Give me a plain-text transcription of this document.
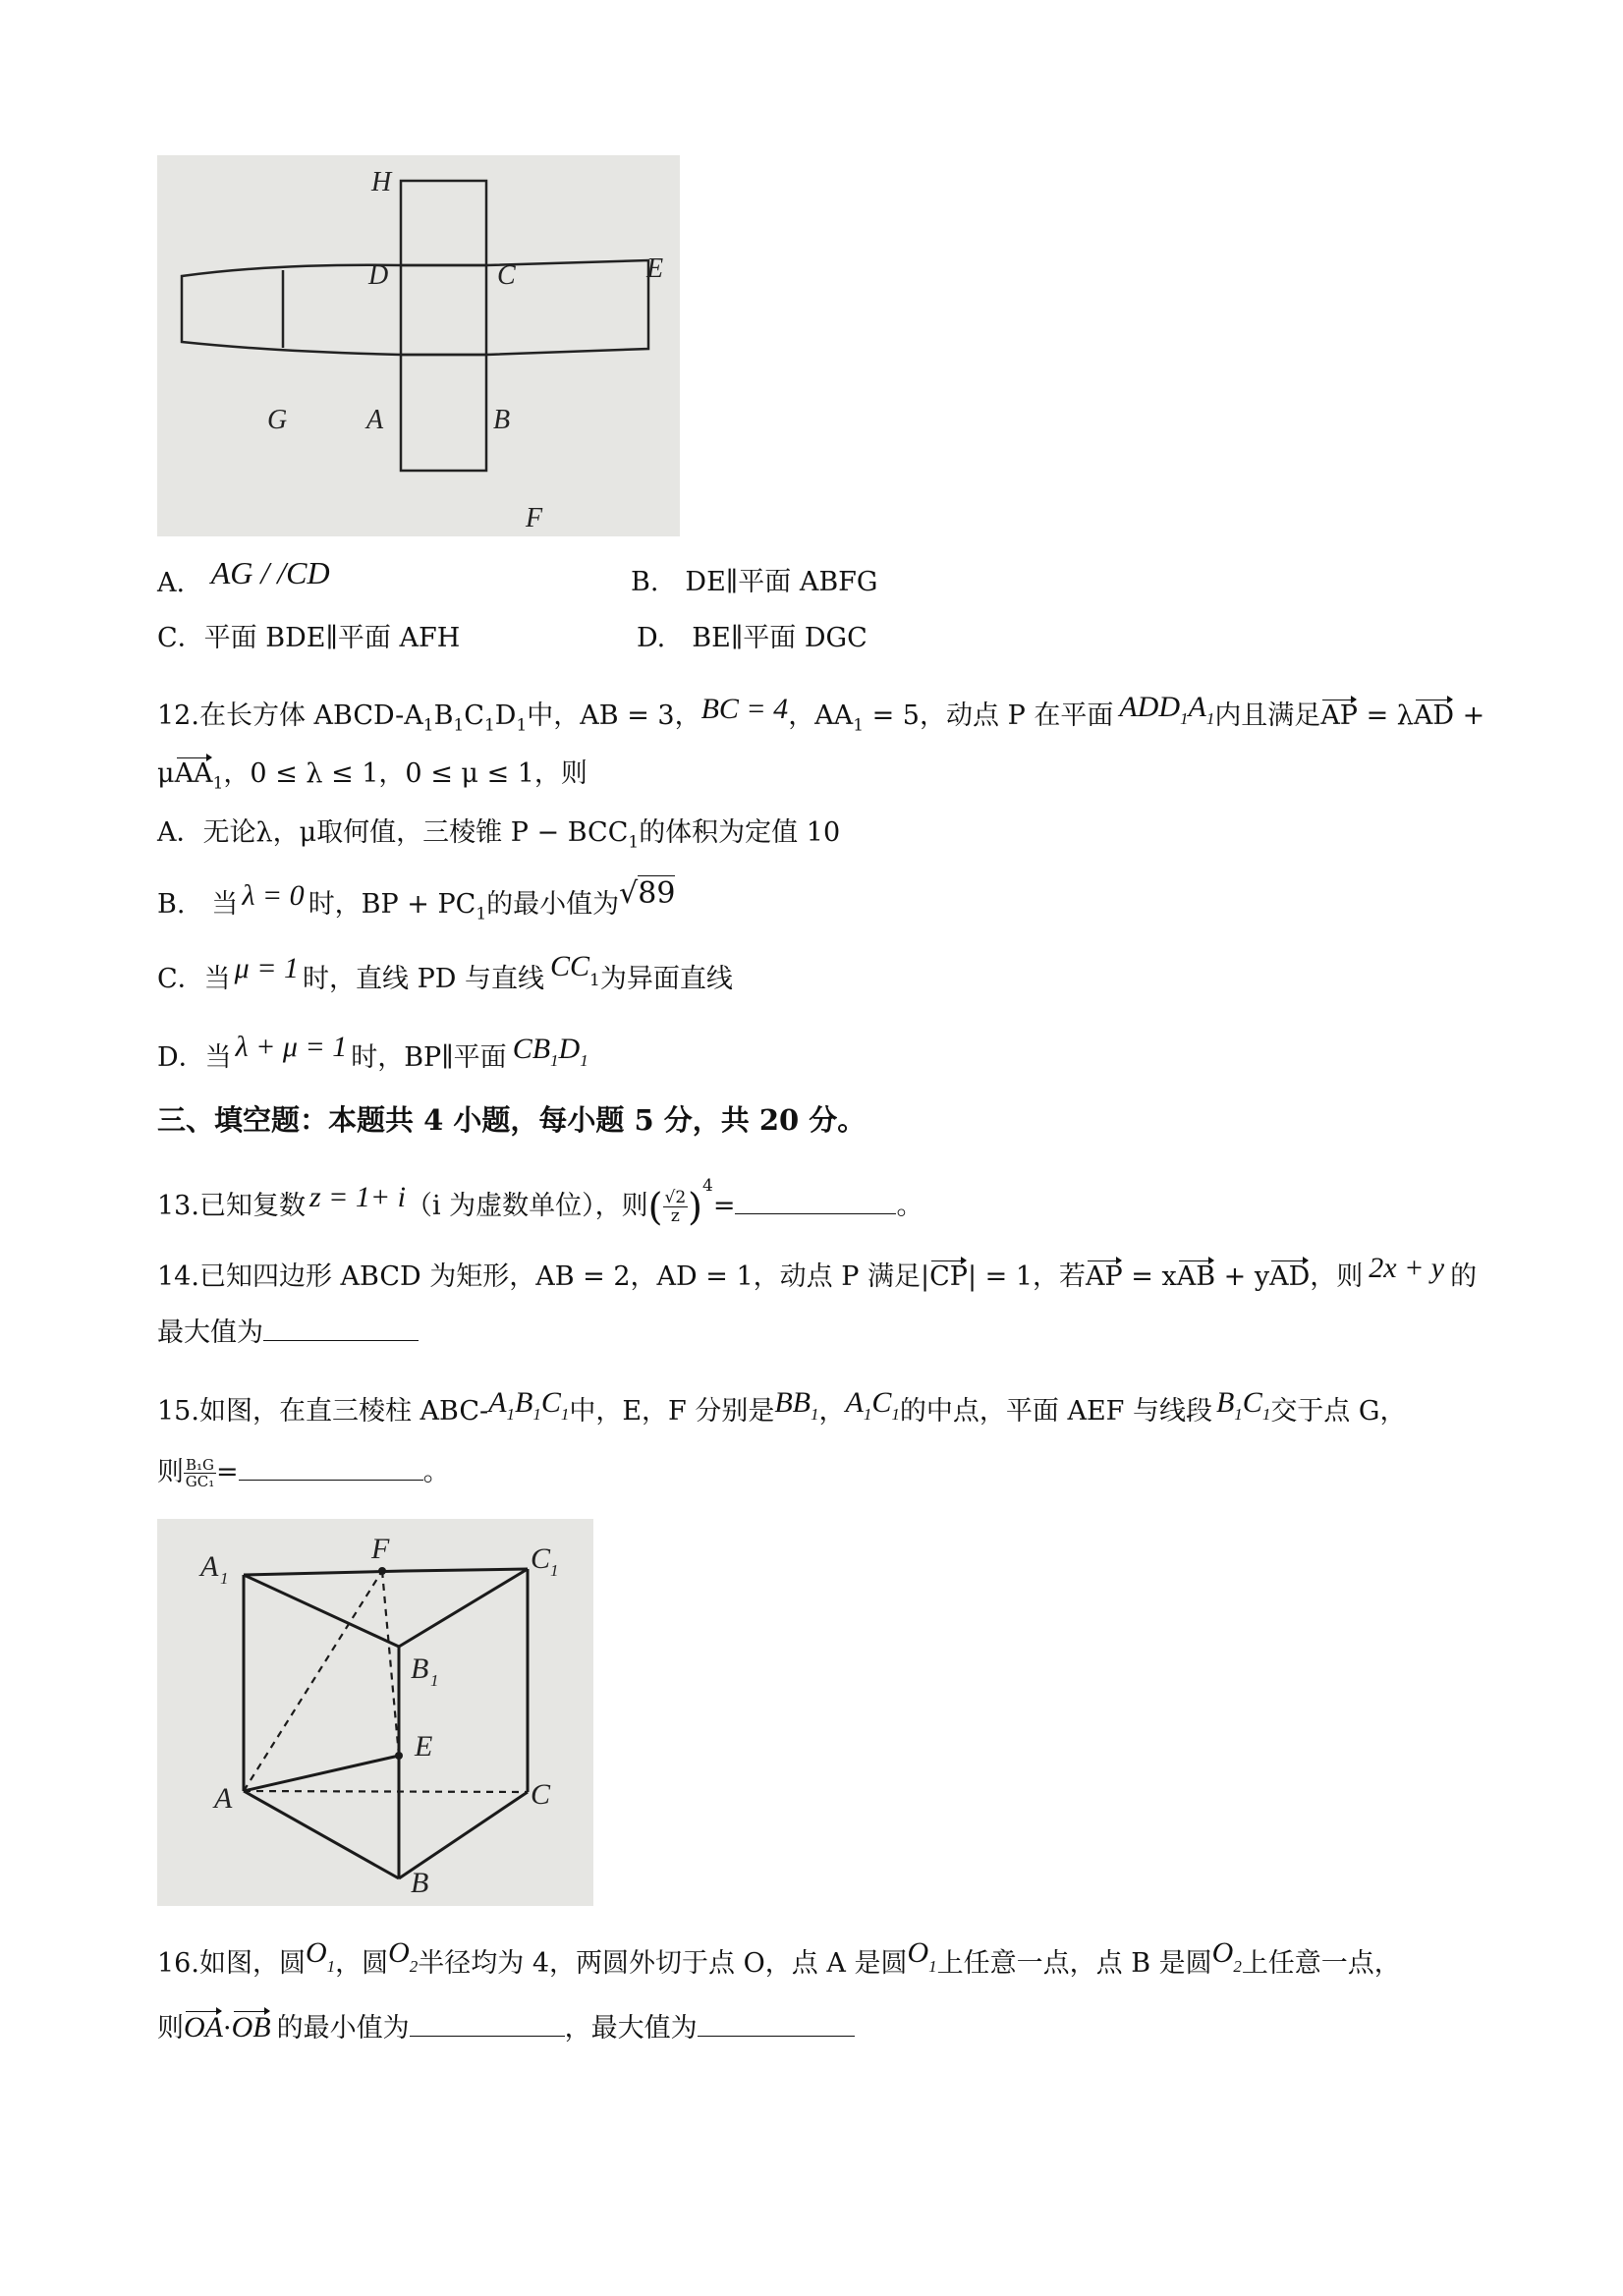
H
D	C	E
G	A	B
F
A. AG / /CD	B.　DE∥平面 ABFG
C．平面 BDE∥平面 AFH	D.　BE∥平面 DGC
12.在长方体 ABCD-$A_1B_1C_1D_1$中，AB = 3，BC = 4，$AA_1 = 5$，动点 P 在平面 $ADD_1A_1$内且满足AP = λAD +
μAA$_1$，0 ≤ λ ≤ 1，0 ≤ μ ≤ 1，则
A．无论λ，μ取何值，三棱锥 $P - BCC_1$的体积为定值 10
B.　当 λ = 0 时，BP + $PC_1$的最小值为√89
C．当 μ = 1 时，直线 PD 与直线 $CC_1$为异面直线
D．当 λ + μ = 1 时，BP∥平面 $CB_1D_1$
三、填空题：本题共 4 小题，每小题 5 分，共 20 分。
13.已知复数 z = 1+ i（i 为虚数单位），则( $\frac{√2}{z} )^4=$	。
14.已知四边形 ABCD 为矩形，AB = 2，AD = 1，动点 P 满足|CP| = 1，若AP = xAB + yAD，则 2x + y 的
最大值为
15.如图，在直三棱柱 ABC-$A_1B_1C_1$中，E，F 分别是$BB_1$，$A_1C_1$的中点，平面 AEF 与线段 $B_1C_1$交于点 G，
则 $\frac{\text{B₁G}}{\text{GC₁}}$ =	。
A
F	C
B
E
A	C
B
1	1
1
16.如图，圆$O_1$，圆$O_2$半径均为 4，两圆外切于点 O，点 A 是圆$O_1$上任意一点，点 B 是圆$O_2$上任意一点，
则OA·OB 的最小值为	，最大值为
